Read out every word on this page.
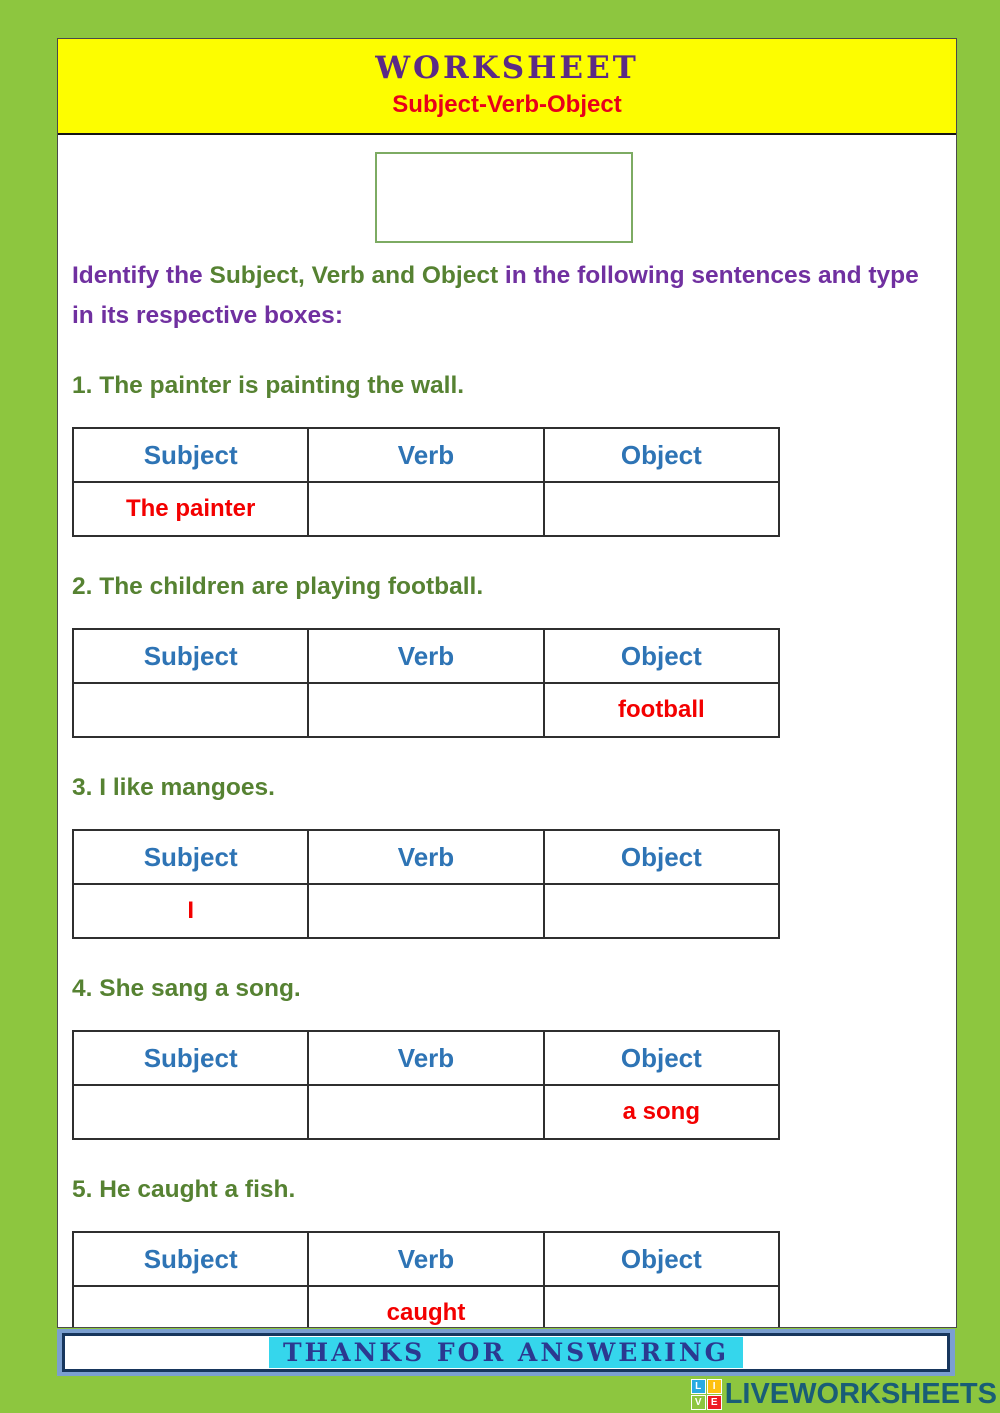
WORKSHEET
Subject-Verb-Object
Identify the Subject, Verb and Object in the following sentences and type in its respective boxes:
1. The painter is painting the wall.
Subject	Verb	Object
The painter		
2. The children are playing football.
Subject	Verb	Object
		football
3. I like mangoes.
Subject	Verb	Object
I		
4. She sang a song.
Subject	Verb	Object
		a song
5. He caught a fish.
Subject	Verb	Object
	caught	
THANKS FOR ANSWERING
L	I
V E LIVEWORKSHEETS
